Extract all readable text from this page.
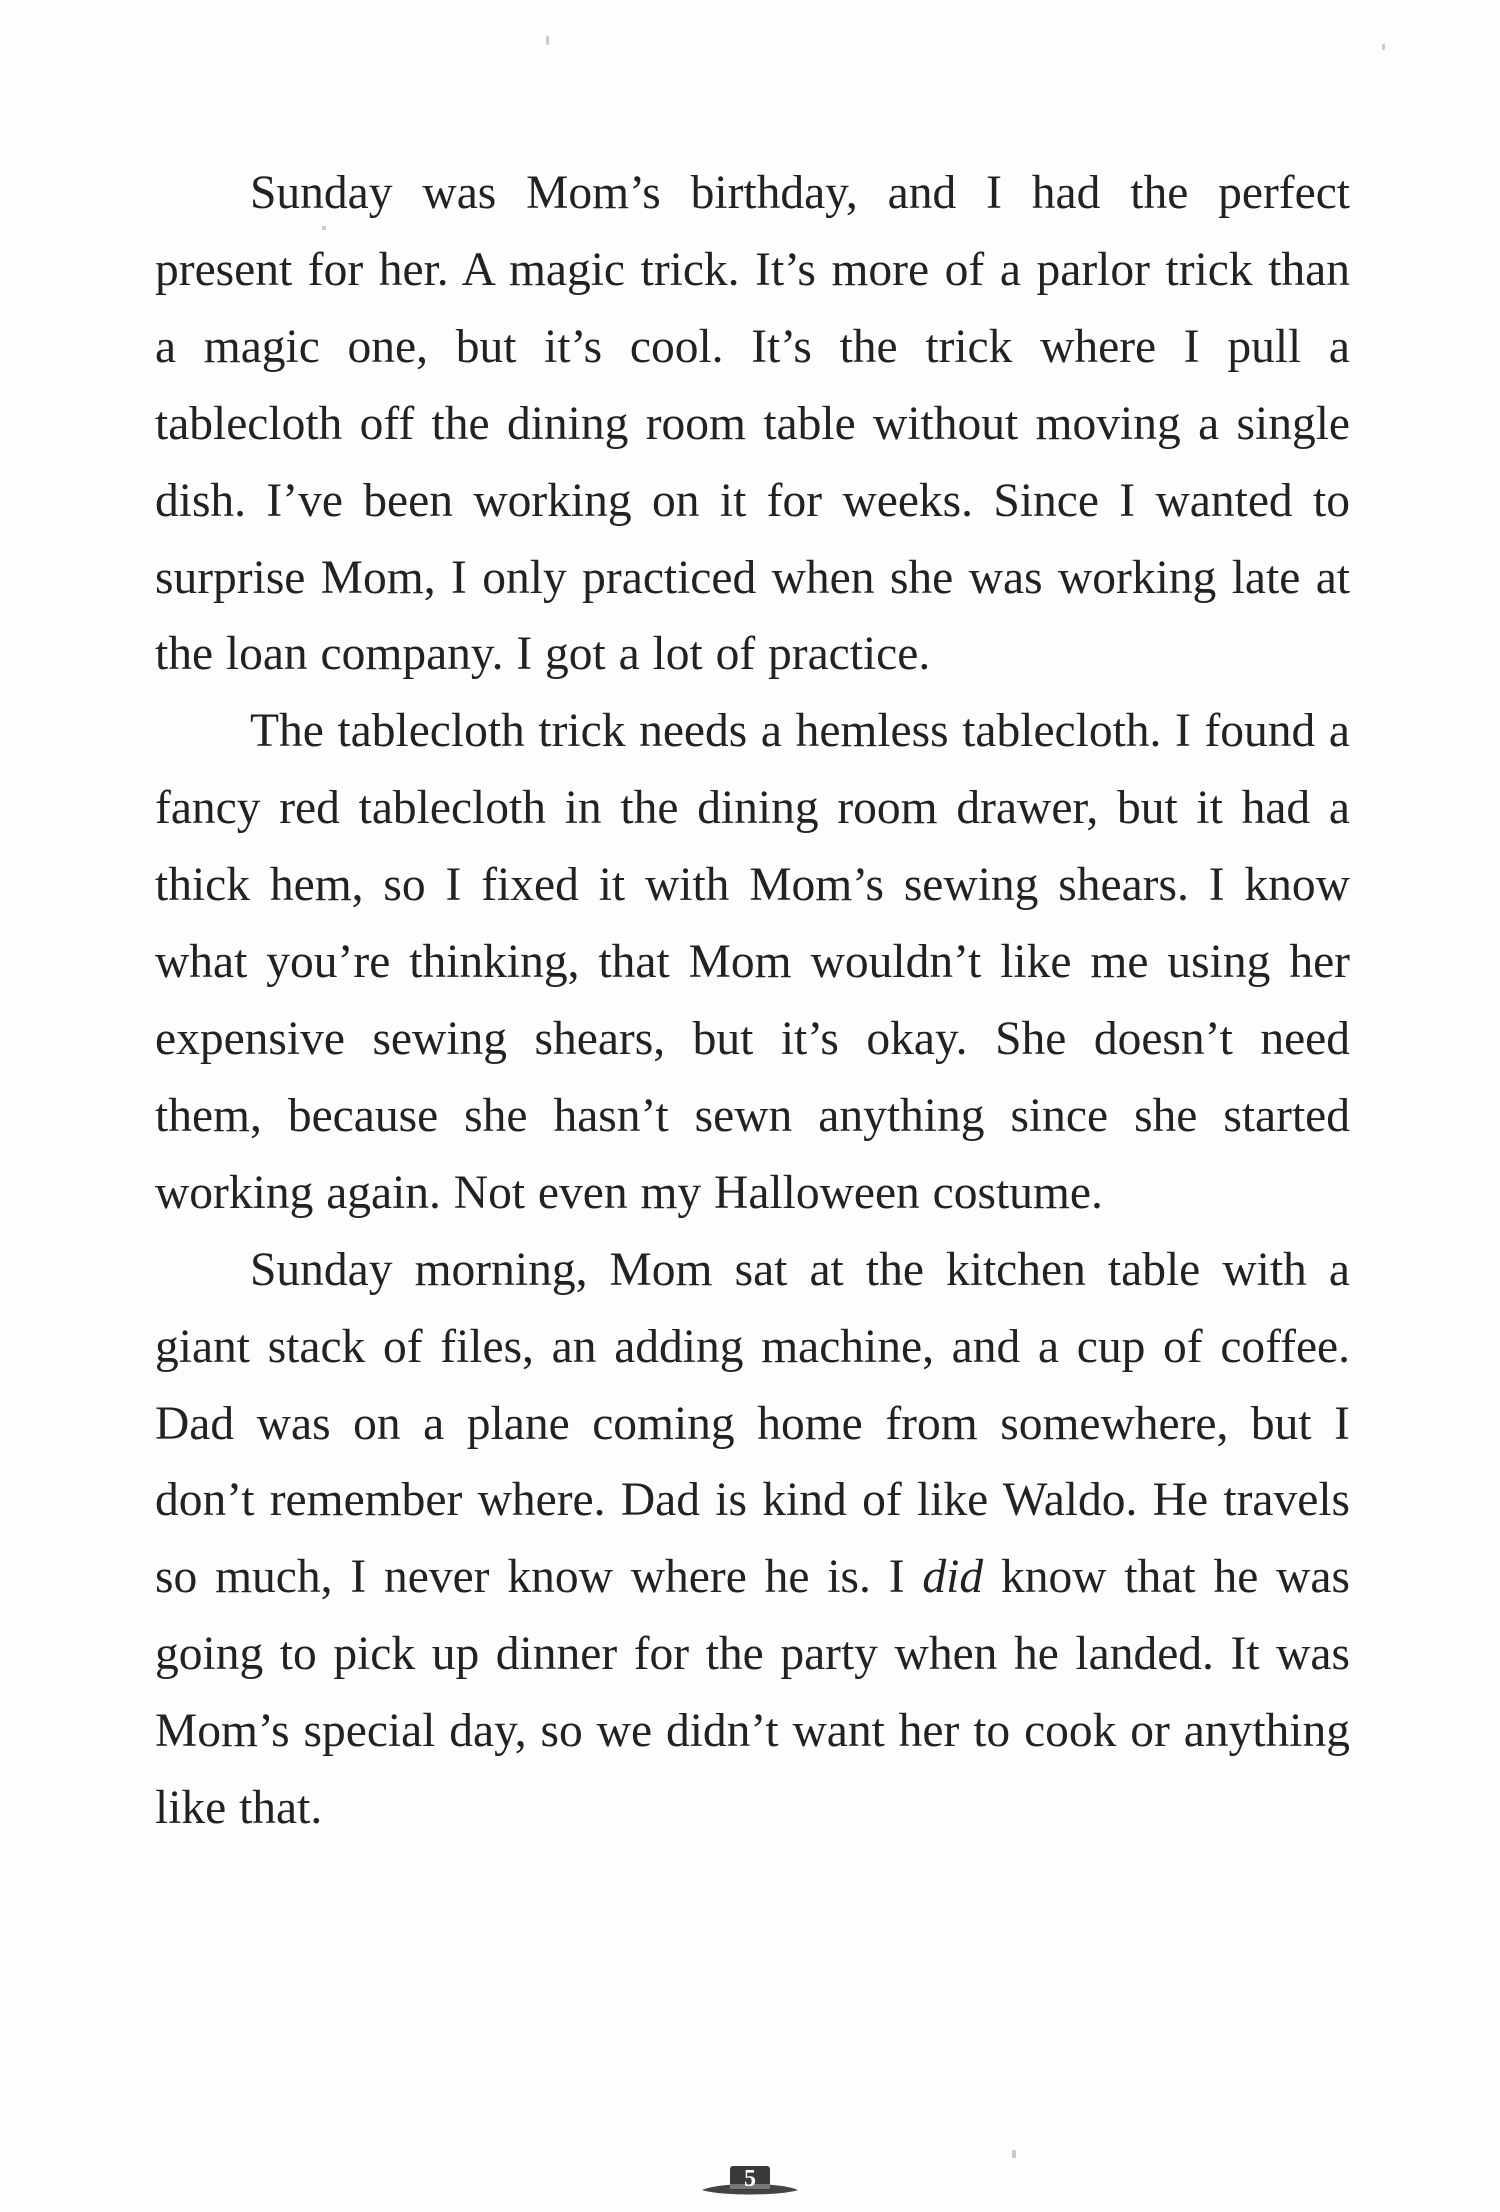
Sunday was Mom’s birthday, and I had the perfect present for her. A magic trick. It’s more of a parlor trick than a magic one, but it’s cool. It’s the trick where I pull a tablecloth off the dining room table without moving a single dish. I’ve been working on it for weeks. Since I wanted to surprise Mom, I only practiced when she was working late at the loan company. I got a lot of practice.

The tablecloth trick needs a hemless tablecloth. I found a fancy red tablecloth in the dining room drawer, but it had a thick hem, so I fixed it with Mom’s sewing shears. I know what you’re thinking, that Mom wouldn’t like me using her expensive sewing shears, but it’s okay. She doesn’t need them, because she hasn’t sewn anything since she started working again. Not even my Halloween costume.

Sunday morning, Mom sat at the kitchen table with a giant stack of files, an adding machine, and a cup of coffee. Dad was on a plane coming home from somewhere, but I don’t remember where. Dad is kind of like Waldo. He travels so much, I never know where he is. I did know that he was going to pick up dinner for the party when he landed. It was Mom’s special day, so we didn’t want her to cook or anything like that.

5
